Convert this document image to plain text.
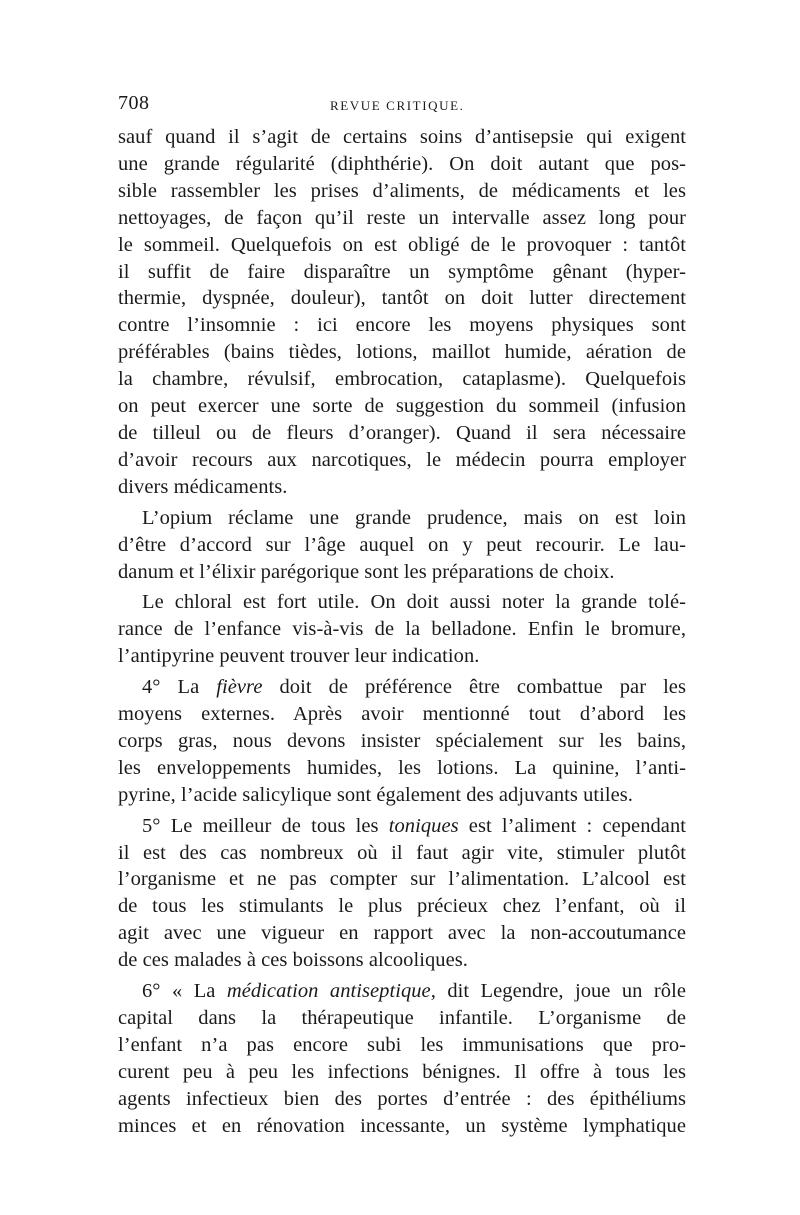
708	REVUE CRITIQUE.
sauf quand il s’agit de certains soins d’antisepsie qui exigent
une grande régularité (diphthérie). On doit autant que pos-
sible rassembler les prises d’aliments, de médicaments et les
nettoyages, de façon qu’il reste un intervalle assez long pour
le sommeil. Quelquefois on est obligé de le provoquer : tantôt
il suffit de faire disparaître un symptôme gênant (hyper-
thermie, dyspnée, douleur), tantôt on doit lutter directement
contre l’insomnie : ici encore les moyens physiques sont
préférables (bains tièdes, lotions, maillot humide, aération de
la chambre, révulsif, embrocation, cataplasme). Quelquefois
on peut exercer une sorte de suggestion du sommeil (infusion
de tilleul ou de fleurs d’oranger). Quand il sera nécessaire
d’avoir recours aux narcotiques, le médecin pourra employer
divers médicaments.
L’opium réclame une grande prudence, mais on est loin
d’être d’accord sur l’âge auquel on y peut recourir. Le lau-
danum et l’élixir parégorique sont les préparations de choix.
Le chloral est fort utile. On doit aussi noter la grande tolé-
rance de l’enfance vis-à-vis de la belladone. Enfin le bromure,
l’antipyrine peuvent trouver leur indication.
4° La fièvre doit de préférence être combattue par les
moyens externes. Après avoir mentionné tout d’abord les
corps gras, nous devons insister spécialement sur les bains,
les enveloppements humides, les lotions. La quinine, l’anti-
pyrine, l’acide salicylique sont également des adjuvants utiles.
5° Le meilleur de tous les toniques est l’aliment : cependant
il est des cas nombreux où il faut agir vite, stimuler plutôt
l’organisme et ne pas compter sur l’alimentation. L’alcool est
de tous les stimulants le plus précieux chez l’enfant, où il
agit avec une vigueur en rapport avec la non-accoutumance
de ces malades à ces boissons alcooliques.
6° « La médication antiseptique, dit Legendre, joue un rôle
capital dans la thérapeutique infantile. L’organisme de
l’enfant n’a pas encore subi les immunisations que pro-
curent peu à peu les infections bénignes. Il offre à tous les
agents infectieux bien des portes d’entrée : des épithéliums
minces et en rénovation incessante, un système lymphatique
